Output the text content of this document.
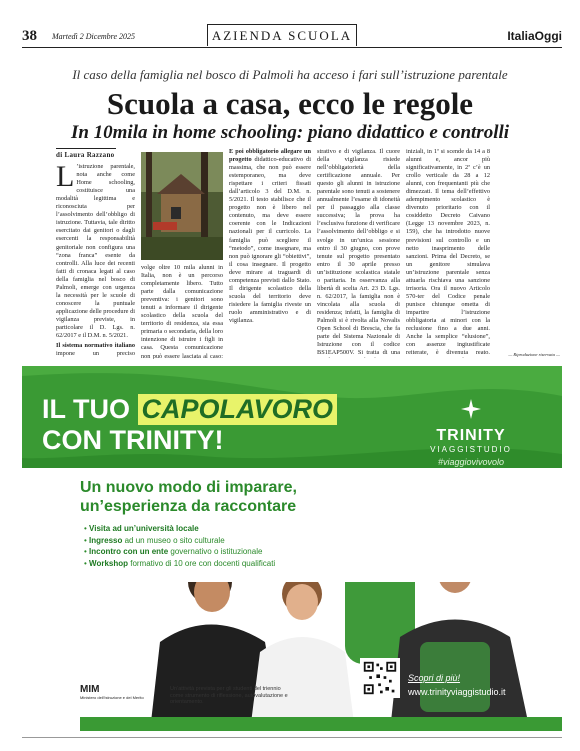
38 Martedì 2 Dicembre 2025	AZIENDA SCUOLA	ItaliaOggi
Il caso della famiglia nel bosco di Palmoli ha acceso i fari sull’istruzione parentale
Scuola a casa, ecco le regole
In 10mila in home schooling: piano didattico e controlli
di Laura Razzano

L ’istruzione parentale, nota anche come Home schooling, costituisce una modalità legittima e riconosciuta per l’assolvimento dell’obbligo di istruzione. Tuttavia, tale diritto esercitato dai genitori o dagli esercenti la responsabilità genitoriale non configura una “zona franca” esente da controlli. Alla luce dei recenti fatti di cronaca legati al caso della famiglia nel bosco di Palmoli, emerge con urgenza la necessità per le scuole di conoscere la puntuale applicazione delle procedure di vigilanza previste, in particolare il D. Lgs. n. 62/2017 e il D.M. n. 5/2021.

Il sistema normativo italiano impone un preciso

volge oltre 10 mila alunni in Italia, non è un percorso completamente libero. Tutto parte dalla comunicazione preventiva: i genitori sono tenuti a informare il dirigente scolastico della scuola del territorio di residenza, sia essa primaria o secondaria, della loro intenzione di istruire i figli in casa. Questa comunicazione non può essere lasciata al caso:

E poi obbligatorio allegare un progetto didattico-educativo di massima, che non può essere estemporaneo, ma deve rispettare i criteri fissati dall’articolo 3 del D.M. n. 5/2021. Il testo stabilisce che il progetto non è libero nel contenuto, ma deve essere coerente con le Indicazioni nazionali per il curricolo. La famiglia può scegliere il “metodo”, come insegnare, ma non può ignorare gli “obiettivi”, il cosa insegnare. Il progetto deve mirare ai traguardi di competenza previsti dallo Stato. Il dirigente scolastico della scuola del territorio deve risiedere la famiglia riveste un ruolo amministrativo e di vigilanza.

strativo e di vigilanza. Il cuore della vigilanza risiede nell’obbligatorietà della certificazione annuale. Per questo gli alunni in istruzione parentale sono tenuti a sostenere annualmente l’esame di idoneità per il passaggio alla classe successiva; la prova ha l’esclusiva funzione di verificare l’assolvimento dell’obbligo e si svolge in un’unica sessione entro il 30 giugno, con prove tenute sul progetto presentato entro il 30 aprile presso un’istituzione scolastica statale o paritaria. In osservanza alla libertà di scelta Art. 23 D. Lgs. n. 62/2017, la famiglia non è vincolata alla scuola di residenza; infatti, la famiglia di Palmoli si è rivolta alla Novalis Open School di Brescia, che fa parte del Sistema Nazionale di Istruzione con il codice BS1EAP500V. Si tratta di una

iniziali, in 1ª si scende da 14 a 8 alunni e, ancor più significativamente, in 2ª c’è un crollo verticale da 28 a 12 alunni, con frequentanti più che dimezzati. Il tema dell’effettivo adempimento scolastico è divenuto prioritario con il cosiddetto Decreto Caivano (Legge 13 novembre 2023, n. 159), che ha introdotto nuove previsioni sul controllo e un netto inasprimento delle sanzioni. Prima del Decreto, se un genitore simulava un’istruzione parentale senza attuarla rischiava una sanzione irrisoria. Ora il nuovo Articolo 570-ter del Codice penale punisce chiunque ometta di impartire l’istruzione obbligatoria ai minori con la reclusione fino a due anni. Anche la semplice “elusione”, con assenze ingiustificate reiterate, è divenuta reato.	— Riproduzione riservata —
IL TUO CAPOLAVORO
CON TRINITY!	TRINITY
VIAGGISTUDIO
#viaggiovivovolo
Un nuovo modo di imparare,
un’esperienza da raccontare
• Visita ad un’università locale
• Ingresso ad un museo o sito culturale
• Incontro con un ente governativo o istituzionale
• Workshop formativo di 10 ore con docenti qualificati
MIM
Ministero dell'Istruzione e del Merito
Un’attività prevista per gli studenti del triennio come strumento di riflessione, autovalutazione e orientamento.
Scopri di più!
www.trinityviaggistudio.it
